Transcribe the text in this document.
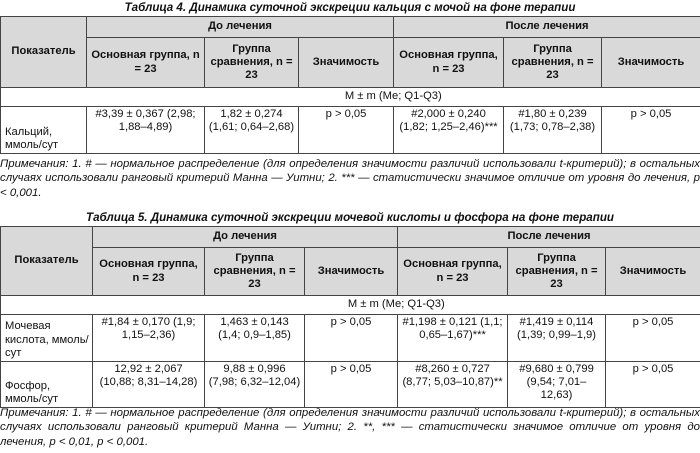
Таблица 4. Динамика суточной экскреции кальция с мочой на фоне терапии
Показатель	До лечения			После лечения		
	Основная группа, n = 23	Группа сравнения, n = 23	Значимость	Основная группа, n = 23	Группа сравнения, n = 23	Значимость
	M ± m (Me; Q1-Q3)					
Кальций, ммоль/сут	#3,39 ± 0,367 (2,98; 1,88–4,89)	1,82 ± 0,274 (1,61; 0,64–2,68)	p > 0,05	#2,000 ± 0,240 (1,82; 1,25–2,46)***	#1,80 ± 0,239 (1,73; 0,78–2,38)	p > 0,05
Примечания: 1. # — нормальное распределение (для определения значимости различий использовали t-критерий); в остальных случаях использовали ранговый критерий Манна — Уитни; 2. *** — статистически значимое отличие от уровня до лечения, p < 0,001.
Таблица 5. Динамика суточной экскреции мочевой кислоты и фосфора на фоне терапии
Показатель	До лечения			После лечения		
	Основная группа, n = 23	Группа сравнения, n = 23	Значимость	Основная группа, n = 23	Группа сравнения, n = 23	Значимость
	M ± m (Me; Q1-Q3)					
Мочевая кислота, ммоль/сут	#1,84 ± 0,170 (1,9; 1,15–2,36)	1,463 ± 0,143 (1,4; 0,9–1,85)	p > 0,05	#1,198 ± 0,121 (1,1; 0,65–1,67)***	#1,419 ± 0,114 (1,39; 0,99–1,9)	p > 0,05
Фосфор, ммоль/сут	12,92 ± 2,067 (10,88; 8,31–14,28)	9,88 ± 0,996 (7,98; 6,32–12,04)	p > 0,05	#8,260 ± 0,727 (8,77; 5,03–10,87)**	#9,680 ± 0,799 (9,54; 7,01–12,63)	p > 0,05
Примечания: 1. # — нормальное распределение (для определения значимости различий использовали t-критерий); в остальных случаях использовали ранговый критерий Манна — Уитни; 2. **, *** — статистически значимое отличие от уровня до лечения, p < 0,01, p < 0,001.
